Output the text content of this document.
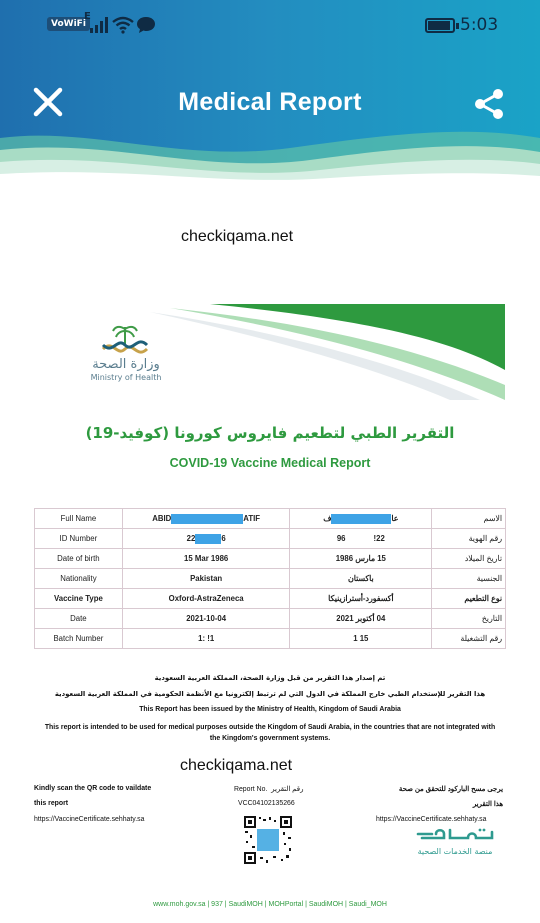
VoWiFi
E	5:03
Medical Report
checkiqama.net
وزارة الصحة
Ministry of Health
التقرير الطبي لتطعيم فايروس كورونا (كوفيد-19)
COVID-19 Vaccine Medical Report
Full Name	ABID ATIF	عاف	الاسم
ID Number	22 6	22!96	رقم الهوية
Date of birth	15 Mar 1986	15 مارس 1986	تاريخ الميلاد
Nationality	Pakistan	باكستان	الجنسية
Vaccine Type	Oxford-AstraZeneca	أكسفورد-أسترازينيكا	نوع التطعيم
Date	2021-10-04	04 أكتوبر 2021	التاريخ
Batch Number	1: !1	15 1	رقم التشغيلة
تم إصدار هذا التقرير من قبل وزارة الصحة، المملكة العربية السعودية
هذا التقرير للإستخدام الطبي خارج المملكة في الدول التي لم ترتبط إلكترونيا مع الأنظمة الحكومية في المملكة العربية السعودية
This Report has been issued by the Ministry of Health, Kingdom of Saudi Arabia
This report is intended to be used for medical purposes outside the Kingdom of Saudi Arabia, in the countries that are not integrated with
the Kingdom's government systems.
checkiqama.net
Kindly scan the QR code to vaildate
this report
https://VaccineCertificate.sehhaty.sa
Report No. رقم التقرير
VCC04102135266
يرجى مسح الباركود للتحقق من صحة
هذا التقرير
https://VaccineCertificate.sehhaty.sa
منصة الخدمات الصحية
www.moh.gov.sa | 937 | SaudiMOH | MOHPortal | SaudiMOH | Saudi_MOH
